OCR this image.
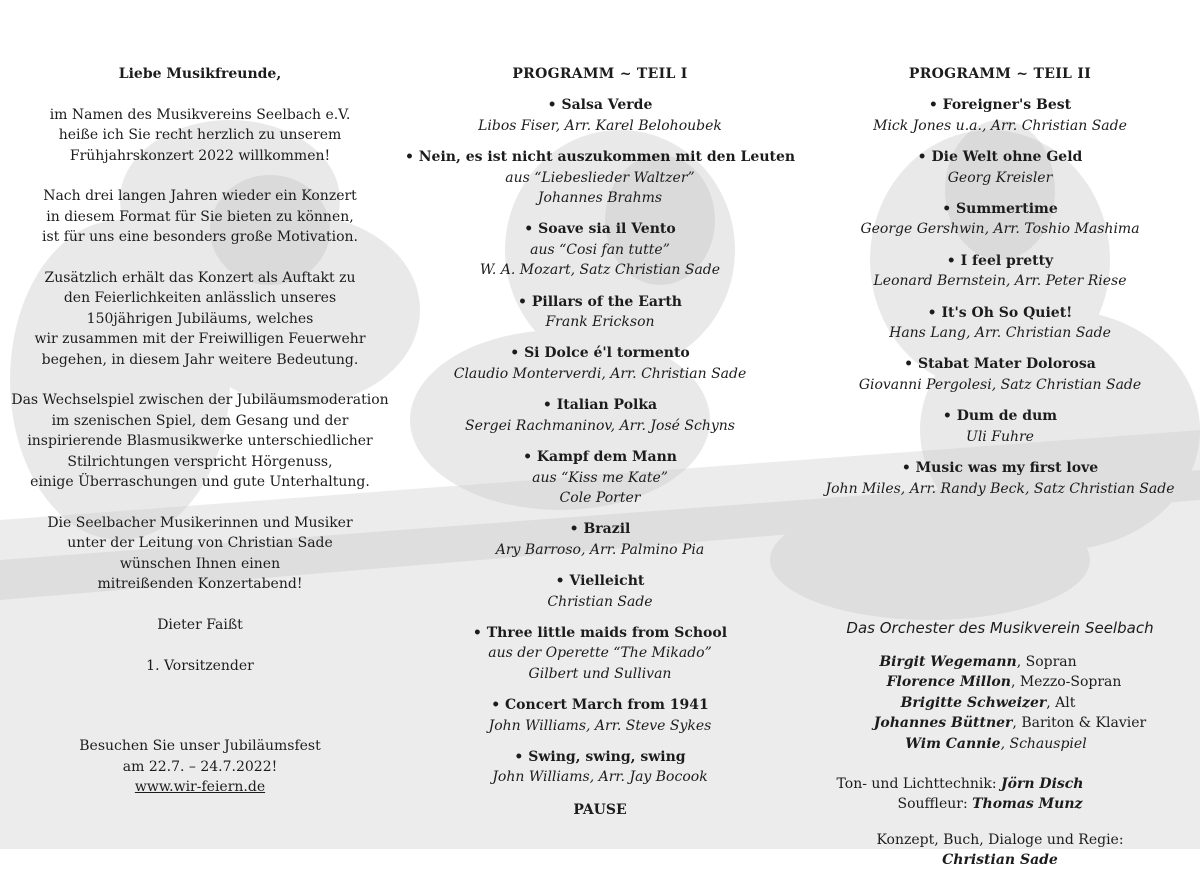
Liebe Musikfreunde,
im Namen des Musikvereins Seelbach e.V.
heiße ich Sie recht herzlich zu unserem
Frühjahrskonzert 2022 willkommen!
Nach drei langen Jahren wieder ein Konzert
in diesem Format für Sie bieten zu können,
ist für uns eine besonders große Motivation.
Zusätzlich erhält das Konzert als Auftakt zu
den Feierlichkeiten anlässlich unseres
150jährigen Jubiläums, welches
wir zusammen mit der Freiwilligen Feuerwehr
begehen, in diesem Jahr weitere Bedeutung.
Das Wechselspiel zwischen der Jubiläumsmoderation
im szenischen Spiel, dem Gesang und der
inspirierende Blasmusikwerke unterschiedlicher
Stilrichtungen verspricht Hörgenuss,
einige Überraschungen und gute Unterhaltung.
Die Seelbacher Musikerinnen und Musiker
unter der Leitung von Christian Sade
wünschen Ihnen einen
mitreißenden Konzertabend!
Dieter Faißt
1. Vorsitzender
Besuchen Sie unser Jubiläumsfest
am 22.7. – 24.7.2022!
www.wir-feiern.de
PROGRAMM ~ TEIL I
• Salsa Verde
Libos Fiser, Arr. Karel Belohoubek
• Nein, es ist nicht auszukommen mit den Leuten
aus “Liebeslieder Waltzer”
Johannes Brahms
• Soave sia il Vento
aus “Cosi fan tutte”
W. A. Mozart, Satz Christian Sade
• Pillars of the Earth
Frank Erickson
• Si Dolce é'l tormento
Claudio Monterverdi, Arr. Christian Sade
• Italian Polka
Sergei Rachmaninov, Arr. José Schyns
• Kampf dem Mann
aus “Kiss me Kate”
Cole Porter
• Brazil
Ary Barroso, Arr. Palmino Pia
• Vielleicht
Christian Sade
• Three little maids from School
aus der Operette “The Mikado”
Gilbert und Sullivan
• Concert March from 1941
John Williams, Arr. Steve Sykes
• Swing, swing, swing
John Williams, Arr. Jay Bocook
PAUSE
PROGRAMM ~ TEIL II
• Foreigner's Best
Mick Jones u.a., Arr. Christian Sade
• Die Welt ohne Geld
Georg Kreisler
• Summertime
George Gershwin, Arr. Toshio Mashima
• I feel pretty
Leonard Bernstein, Arr. Peter Riese
• It's Oh So Quiet!
Hans Lang, Arr. Christian Sade
• Stabat Mater Dolorosa
Giovanni Pergolesi, Satz Christian Sade
• Dum de dum
Uli Fuhre
• Music was my first love
John Miles, Arr. Randy Beck, Satz Christian Sade
Das Orchester des Musikverein Seelbach
Birgit Wegemann, Sopran
Florence Millon, Mezzo-Sopran
Brigitte Schweizer, Alt
Johannes Büttner, Bariton & Klavier
Wim Cannie, Schauspiel
Ton- und Lichttechnik: Jörn Disch
Souffleur: Thomas Munz
Konzept, Buch, Dialoge und Regie:
Christian Sade
